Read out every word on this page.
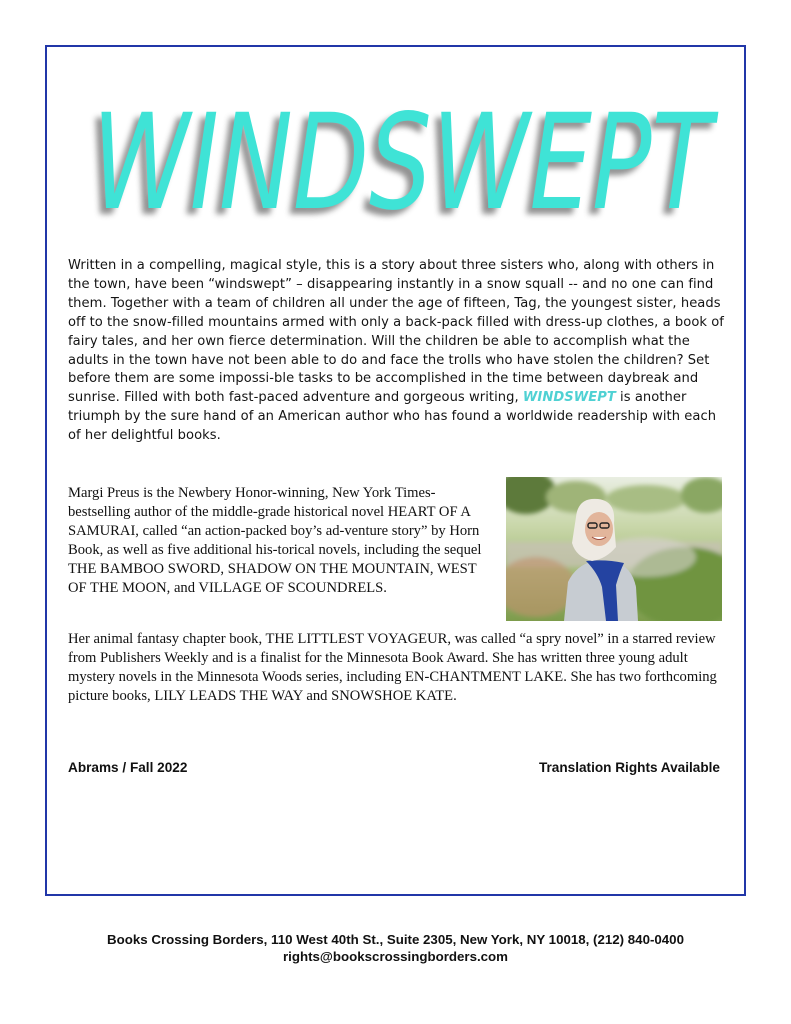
WINDSWEPT
WINDSWEPT
Written in a compelling, magical style, this is a story about three sisters who, along with others in the town, have been “windswept” – disappearing instantly in a snow squall -- and no one can find them. Together with a team of children all under the age of fifteen, Tag, the youngest sister, heads off to the snow-filled mountains armed with only a back-pack filled with dress-up clothes, a book of fairy tales, and her own fierce determination. Will the children be able to accomplish what the adults in the town have not been able to do and face the trolls who have stolen the children? Set before them are some impossi-ble tasks to be accomplished in the time between daybreak and sunrise. Filled with both fast-paced adventure and gorgeous writing, WINDSWEPT is another triumph by the sure hand of an American author who has found a worldwide readership with each of her delightful books.
Margi Preus is the Newbery Honor-winning, New York Times-bestselling author of the middle-grade historical novel HEART OF A SAMURAI, called “an action-packed boy’s ad-venture story” by Horn Book, as well as five additional his-torical novels, including the sequel THE BAMBOO SWORD, SHADOW ON THE MOUNTAIN, WEST OF THE MOON, and VILLAGE OF SCOUNDRELS.
Her animal fantasy chapter book, THE LITTLEST VOYAGEUR, was called “a spry novel” in a starred review from Publishers Weekly and is a finalist for the Minnesota Book Award. She has written three young adult mystery novels in the Minnesota Woods series, including EN-CHANTMENT LAKE. She has two forthcoming picture books, LILY LEADS THE WAY and SNOWSHOE KATE.
Abrams / Fall 2022	Translation Rights Available
Books Crossing Borders, 110 West 40th St., Suite 2305, New York, NY 10018, (212) 840-0400
rights@bookscrossingborders.com
